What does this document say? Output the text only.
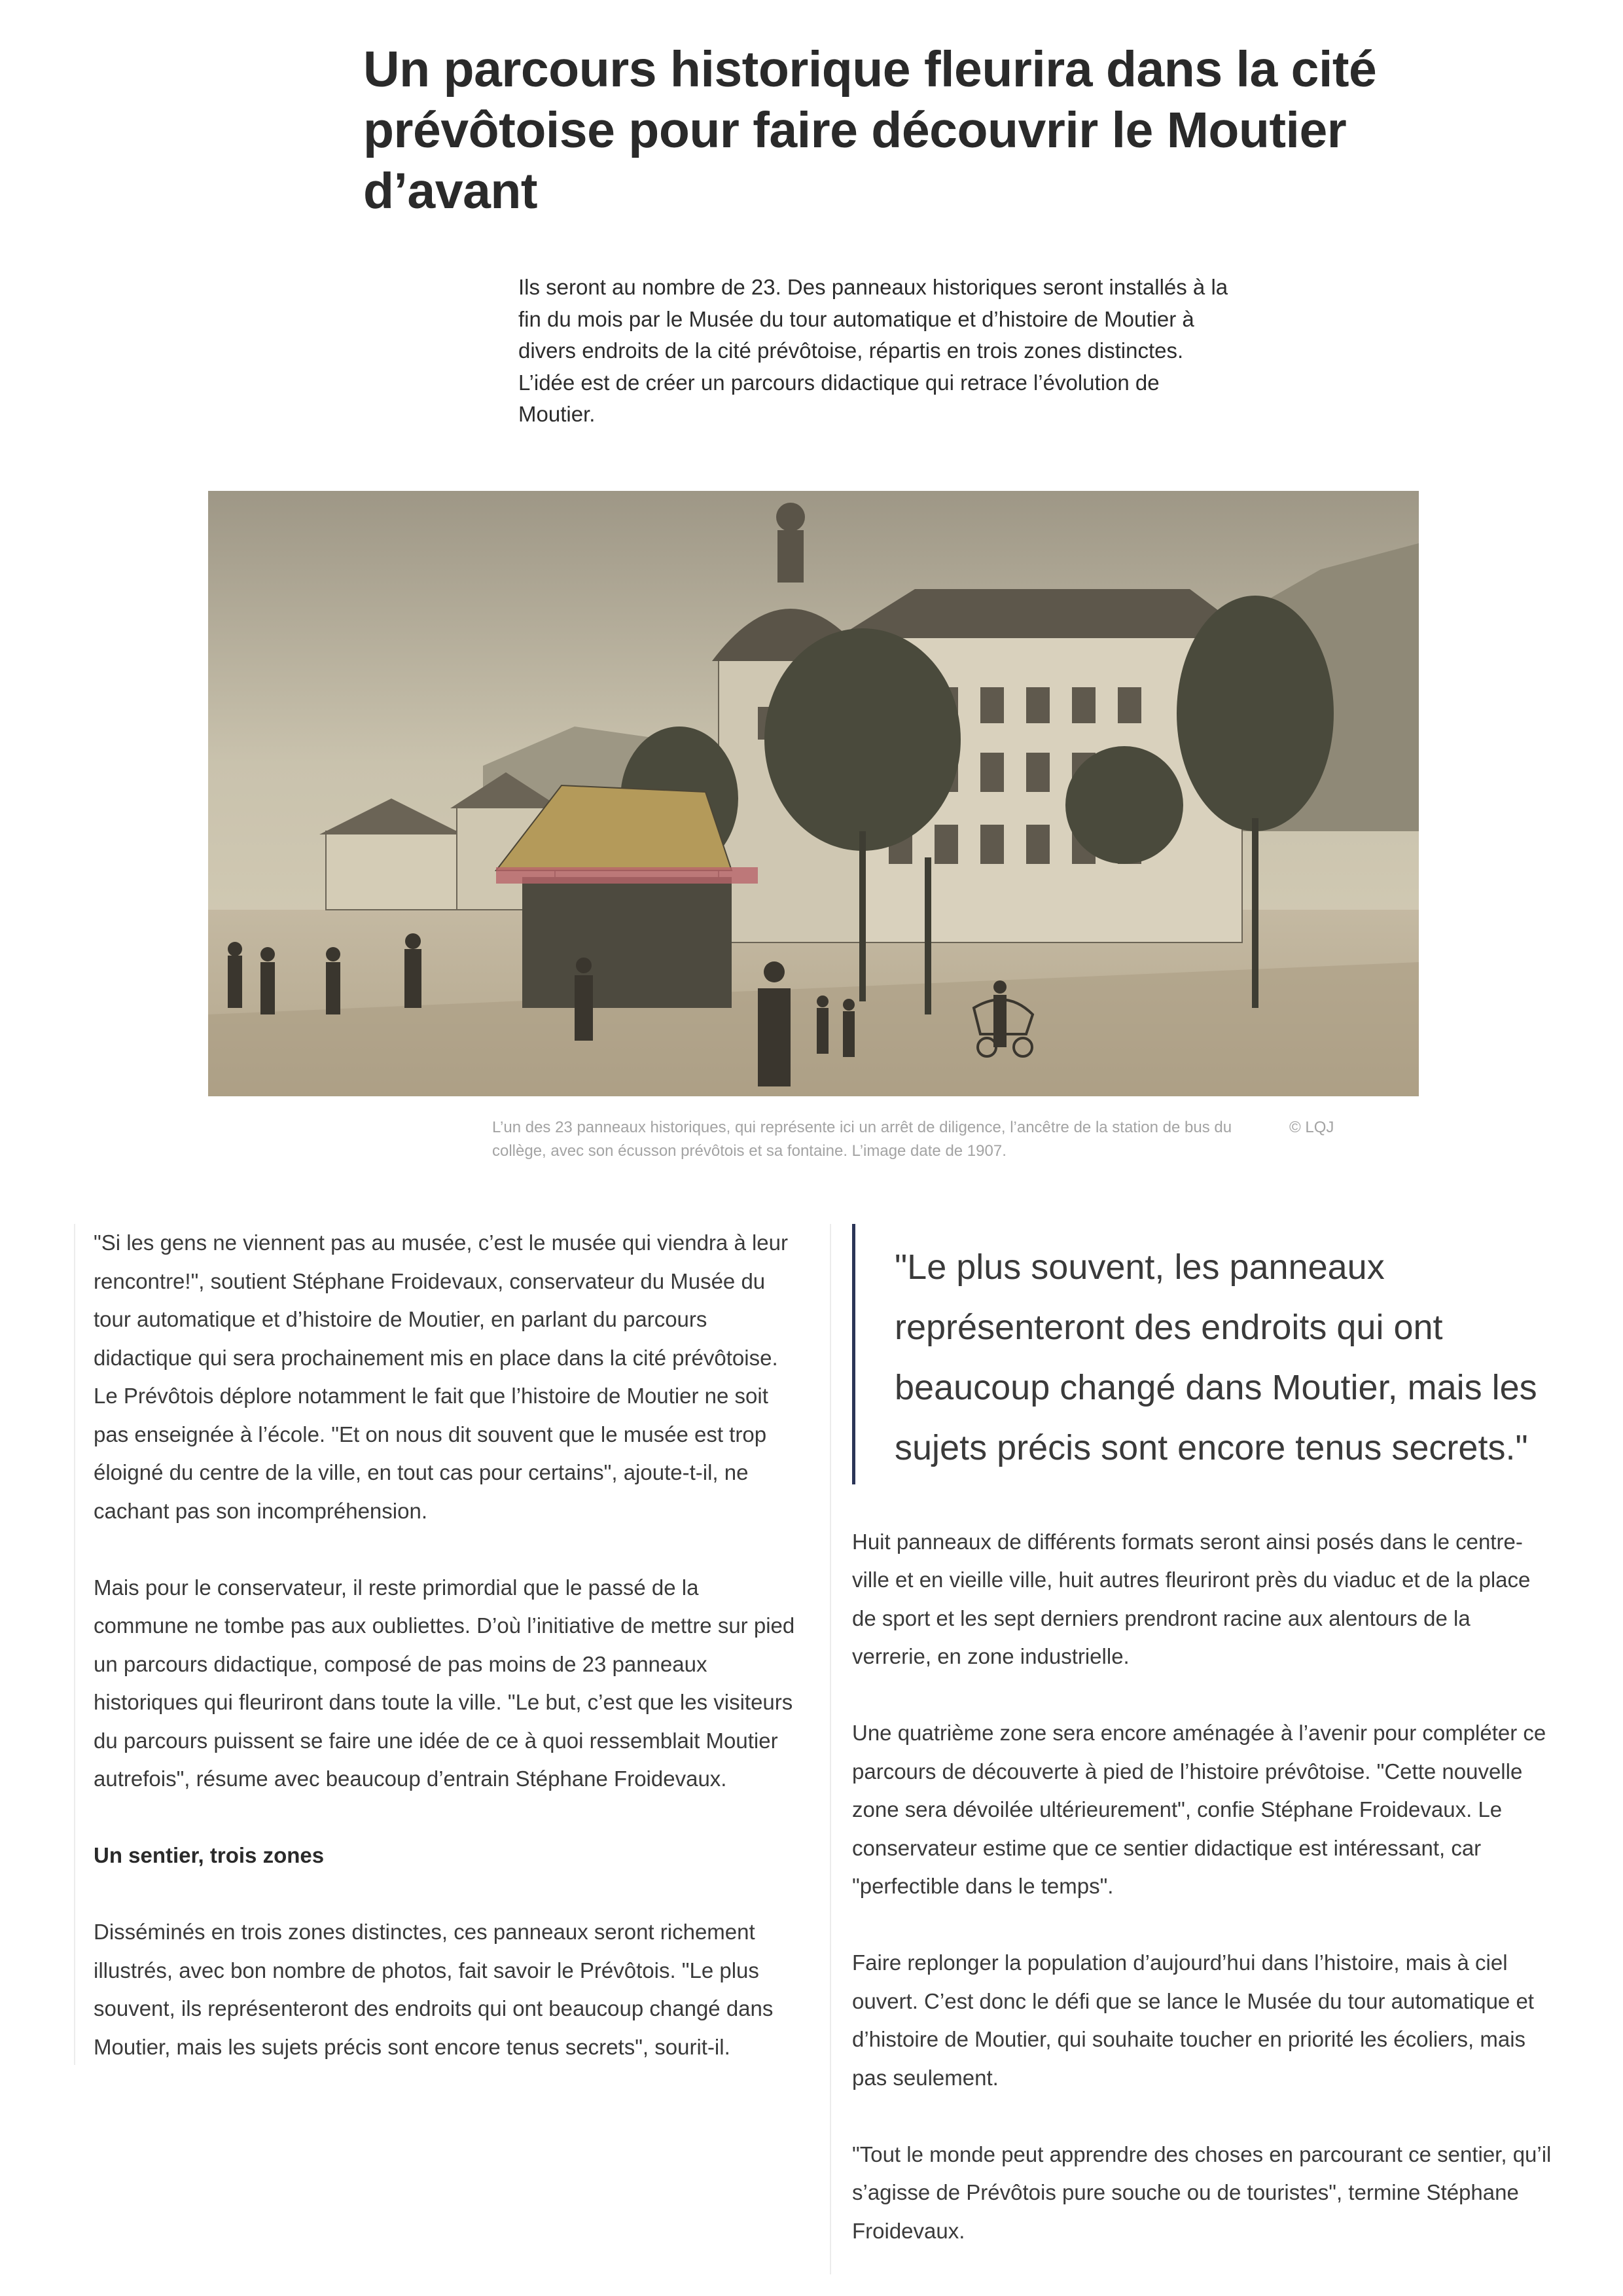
Un parcours historique fleurira dans la cité prévôtoise pour faire découvrir le Moutier d’avant

Ils seront au nombre de 23. Des panneaux historiques seront installés à la fin du mois par le Musée du tour automatique et d’histoire de Moutier à divers endroits de la cité prévôtoise, répartis en trois zones distinctes. L’idée est de créer un parcours didactique qui retrace l’évolution de Moutier.

L’un des 23 panneaux historiques, qui représente ici un arrêt de diligence, l’ancêtre de la station de bus du collège, avec son écusson prévôtois et sa fontaine. L’image date de 1907.

© LQJ

"Si les gens ne viennent pas au musée, c’est le musée qui viendra à leur rencontre!", soutient Stéphane Froidevaux, conservateur du Musée du tour automatique et d’histoire de Moutier, en parlant du parcours didactique qui sera prochainement mis en place dans la cité prévôtoise. Le Prévôtois déplore notamment le fait que l’histoire de Moutier ne soit pas enseignée à l’école. "Et on nous dit souvent que le musée est trop éloigné du centre de la ville, en tout cas pour certains", ajoute-t-il, ne cachant pas son incompréhension.

Mais pour le conservateur, il reste primordial que le passé de la commune ne tombe pas aux oubliettes. D’où l’initiative de mettre sur pied un parcours didactique, composé de pas moins de 23 panneaux historiques qui fleuriront dans toute la ville. "Le but, c’est que les visiteurs du parcours puissent se faire une idée de ce à quoi ressemblait Moutier autrefois", résume avec beaucoup d’entrain Stéphane Froidevaux.

Un sentier, trois zones

Disséminés en trois zones distinctes, ces panneaux seront richement illustrés, avec bon nombre de photos, fait savoir le Prévôtois. "Le plus souvent, ils représenteront des endroits qui ont beaucoup changé dans Moutier, mais les sujets précis sont encore tenus secrets", sourit-il.

"Le plus souvent, les panneaux représenteront des endroits qui ont beaucoup changé dans Moutier, mais les sujets précis sont encore tenus secrets."

Huit panneaux de différents formats seront ainsi posés dans le centre-ville et en vieille ville, huit autres fleuriront près du viaduc et de la place de sport et les sept derniers prendront racine aux alentours de la verrerie, en zone industrielle.

Une quatrième zone sera encore aménagée à l’avenir pour compléter ce parcours de découverte à pied de l’histoire prévôtoise. "Cette nouvelle zone sera dévoilée ultérieurement", confie Stéphane Froidevaux. Le conservateur estime que ce sentier didactique est intéressant, car "perfectible dans le temps".

Faire replonger la population d’aujourd’hui dans l’histoire, mais à ciel ouvert. C’est donc le défi que se lance le Musée du tour automatique et d’histoire de Moutier, qui souhaite toucher en priorité les écoliers, mais pas seulement.

"Tout le monde peut apprendre des choses en parcourant ce sentier, qu’il s’agisse de Prévôtois pure souche ou de touristes", termine Stéphane Froidevaux.
